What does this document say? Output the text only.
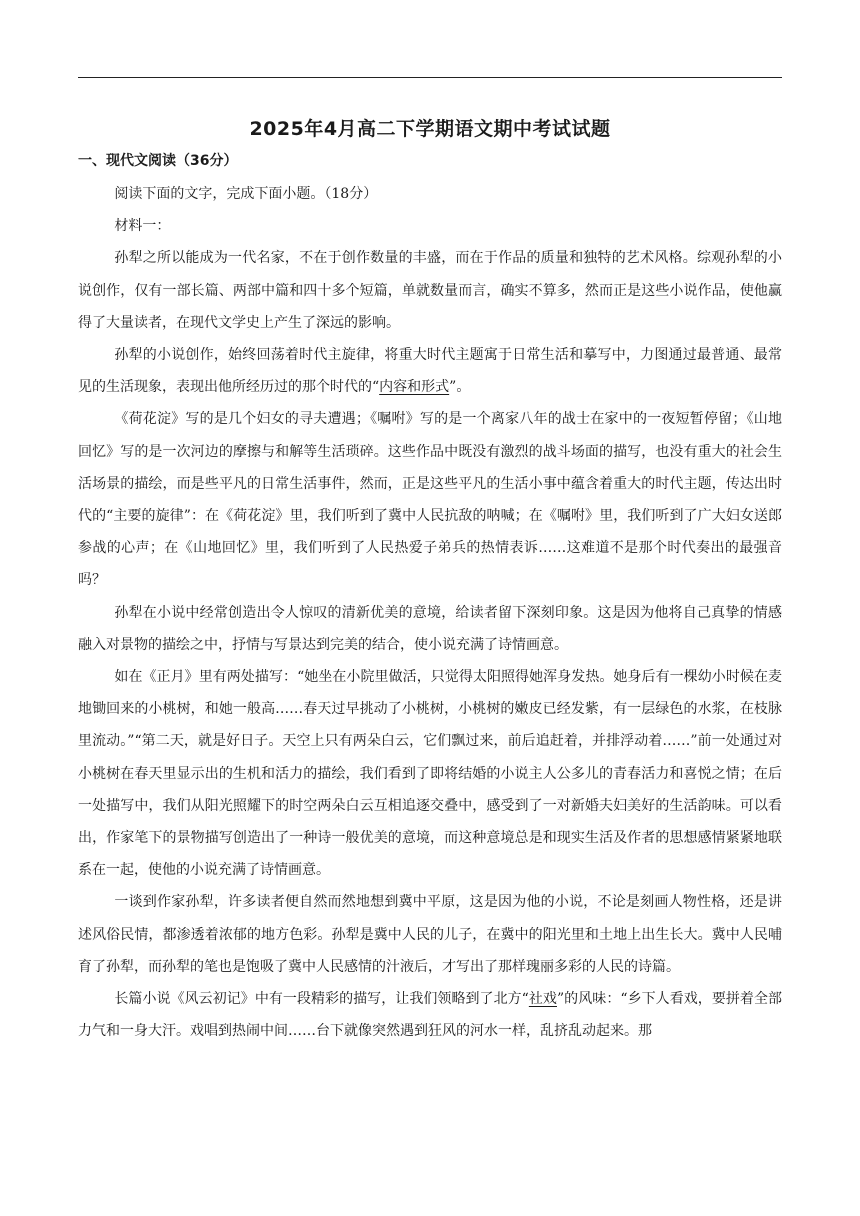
2025年4月高二下学期语文期中考试试题
一、现代文阅读（36分）

阅读下面的文字，完成下面小题。（18分）

材料一：

孙犁之所以能成为一代名家，不在于创作数量的丰盛，而在于作品的质量和独特的艺术风格。综观孙犁的小说创作，仅有一部长篇、两部中篇和四十多个短篇，单就数量而言，确实不算多，然而正是这些小说作品，使他赢得了大量读者，在现代文学史上产生了深远的影响。

孙犁的小说创作，始终回荡着时代主旋律，将重大时代主题寓于日常生活和摹写中，力图通过最普通、最常见的生活现象，表现出他所经历过的那个时代的“内容和形式”。

《荷花淀》写的是几个妇女的寻夫遭遇；《嘱咐》写的是一个离家八年的战士在家中的一夜短暂停留；《山地回忆》写的是一次河边的摩擦与和解等生活琐碎。这些作品中既没有激烈的战斗场面的描写，也没有重大的社会生活场景的描绘，而是些平凡的日常生活事件，然而，正是这些平凡的生活小事中蕴含着重大的时代主题，传达出时代的“主要的旋律”：在《荷花淀》里，我们听到了冀中人民抗敌的呐喊；在《嘱咐》里，我们听到了广大妇女送郎参战的心声；在《山地回忆》里，我们听到了人民热爱子弟兵的热情表诉……这难道不是那个时代奏出的最强音吗？

孙犁在小说中经常创造出令人惊叹的清新优美的意境，给读者留下深刻印象。这是因为他将自己真挚的情感融入对景物的描绘之中，抒情与写景达到完美的结合，使小说充满了诗情画意。

如在《正月》里有两处描写：“她坐在小院里做活，只觉得太阳照得她浑身发热。她身后有一棵幼小时候在麦地锄回来的小桃树，和她一般高……春天过早挑动了小桃树，小桃树的嫩皮已经发紫，有一层绿色的水浆，在枝脉里流动。”“第二天，就是好日子。天空上只有两朵白云，它们飘过来，前后追赶着，并排浮动着……”前一处通过对小桃树在春天里显示出的生机和活力的描绘，我们看到了即将结婚的小说主人公多儿的青春活力和喜悦之情；在后一处描写中，我们从阳光照耀下的时空两朵白云互相追逐交叠中，感受到了一对新婚夫妇美好的生活韵味。可以看出，作家笔下的景物描写创造出了一种诗一般优美的意境，而这种意境总是和现实生活及作者的思想感情紧紧地联系在一起，使他的小说充满了诗情画意。

一谈到作家孙犁，许多读者便自然而然地想到冀中平原，这是因为他的小说，不论是刻画人物性格，还是讲述风俗民情，都渗透着浓郁的地方色彩。孙犁是冀中人民的儿子，在冀中的阳光里和土地上出生长大。冀中人民哺育了孙犁，而孙犁的笔也是饱吸了冀中人民感情的汁液后，才写出了那样瑰丽多彩的人民的诗篇。

长篇小说《风云初记》中有一段精彩的描写，让我们领略到了北方“社戏”的风味：“乡下人看戏，要拼着全部力气和一身大汗。戏唱到热闹中间……台下就像突然遇到狂风的河水一样，乱挤乱动起来。那
